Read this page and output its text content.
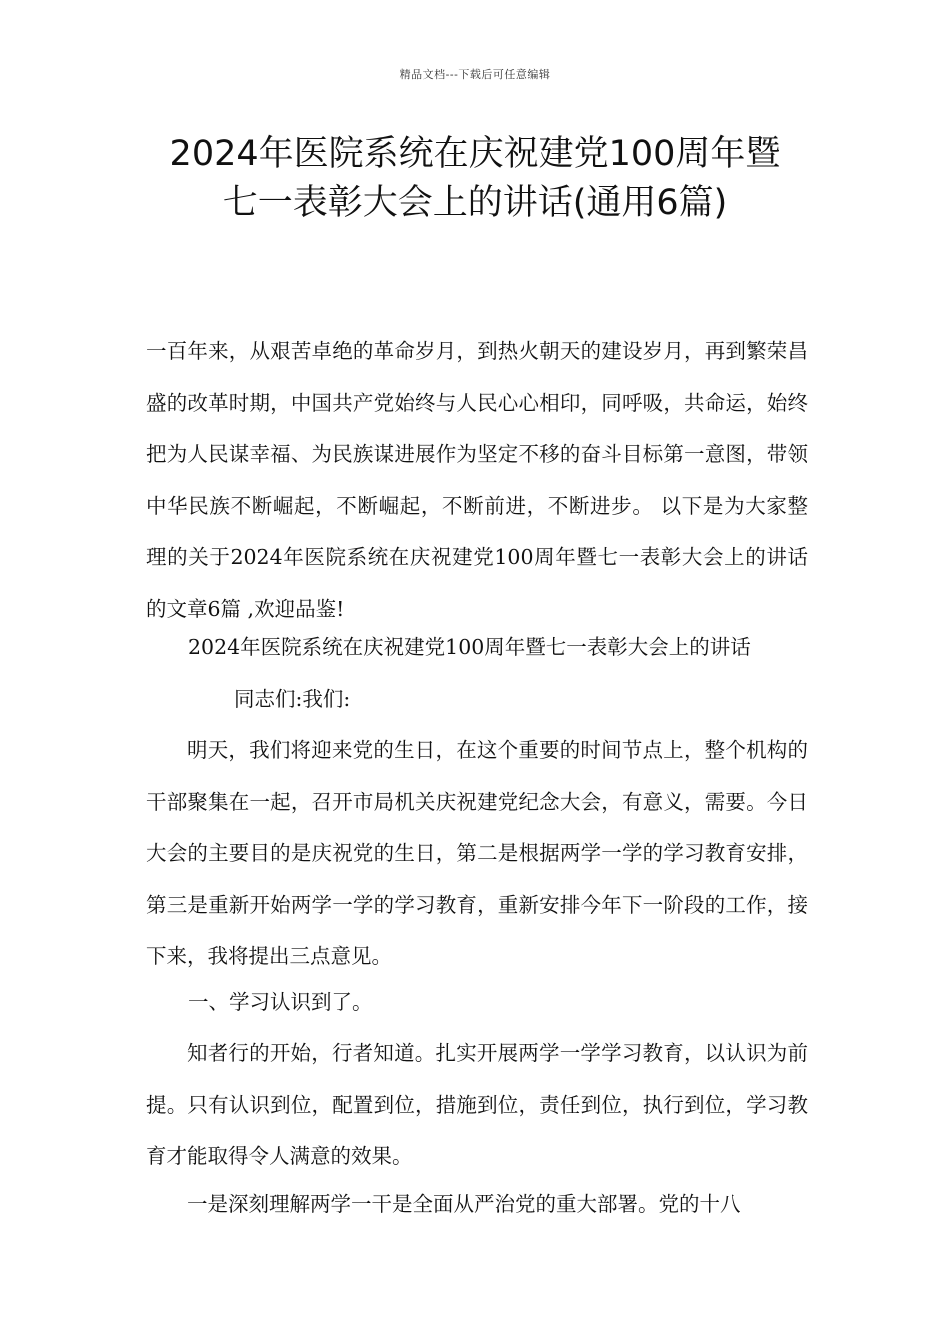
精品文档---下载后可任意编辑
2024年医院系统在庆祝建党100周年暨
七一表彰大会上的讲话(通用6篇)

一百年来，从艰苦卓绝的革命岁月，到热火朝天的建设岁月，再到繁荣昌盛的改革时期，中国共产党始终与人民心心相印，同呼吸，共命运，始终把为人民谋幸福、为民族谋进展作为坚定不移的奋斗目标第一意图，带领中华民族不断崛起，不断崛起，不断前进，不断进步。 以下是为大家整理的关于2024年医院系统在庆祝建党100周年暨七一表彰大会上的讲话的文章6篇 ,欢迎品鉴!

2024年医院系统在庆祝建党100周年暨七一表彰大会上的讲话
同志们:我们:

明天，我们将迎来党的生日，在这个重要的时间节点上，整个机构的干部聚集在一起，召开市局机关庆祝建党纪念大会，有意义，需要。今日大会的主要目的是庆祝党的生日，第二是根据两学一学的学习教育安排，第三是重新开始两学一学的学习教育，重新安排今年下一阶段的工作，接下来，我将提出三点意见。

一、学习认识到了。

知者行的开始，行者知道。扎实开展两学一学学习教育，以认识为前提。只有认识到位，配置到位，措施到位，责任到位，执行到位，学习教育才能取得令人满意的效果。

一是深刻理解两学一干是全面从严治党的重大部署。党的十八
